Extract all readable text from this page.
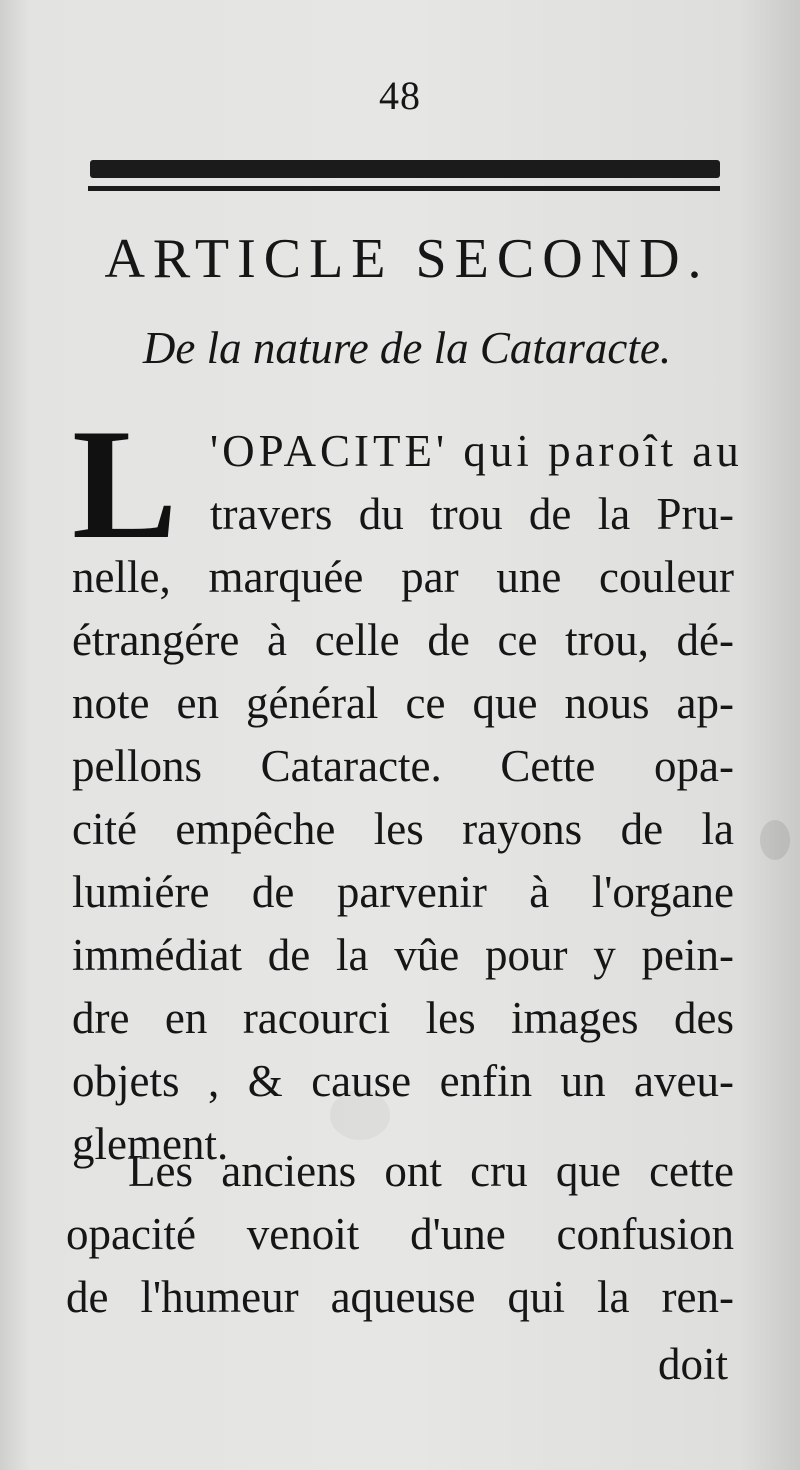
48
ARTICLE SECOND.
De la nature de la Cataracte.
L 'OPACITE' qui paroît au
travers du trou de la Pru-
nelle, marquée par une couleur
étrangére à celle de ce trou, dé-
note en général ce que nous ap-
pellons Cataracte. Cette opa-
cité empêche les rayons de la
lumiére de parvenir à l'organe
immédiat de la vûe pour y pein-
dre en racourci les images des
objets , & cause enfin un aveu-
glement.
Les anciens ont cru que cette
opacité venoit d'une confusion
de l'humeur aqueuse qui la ren-
doit
